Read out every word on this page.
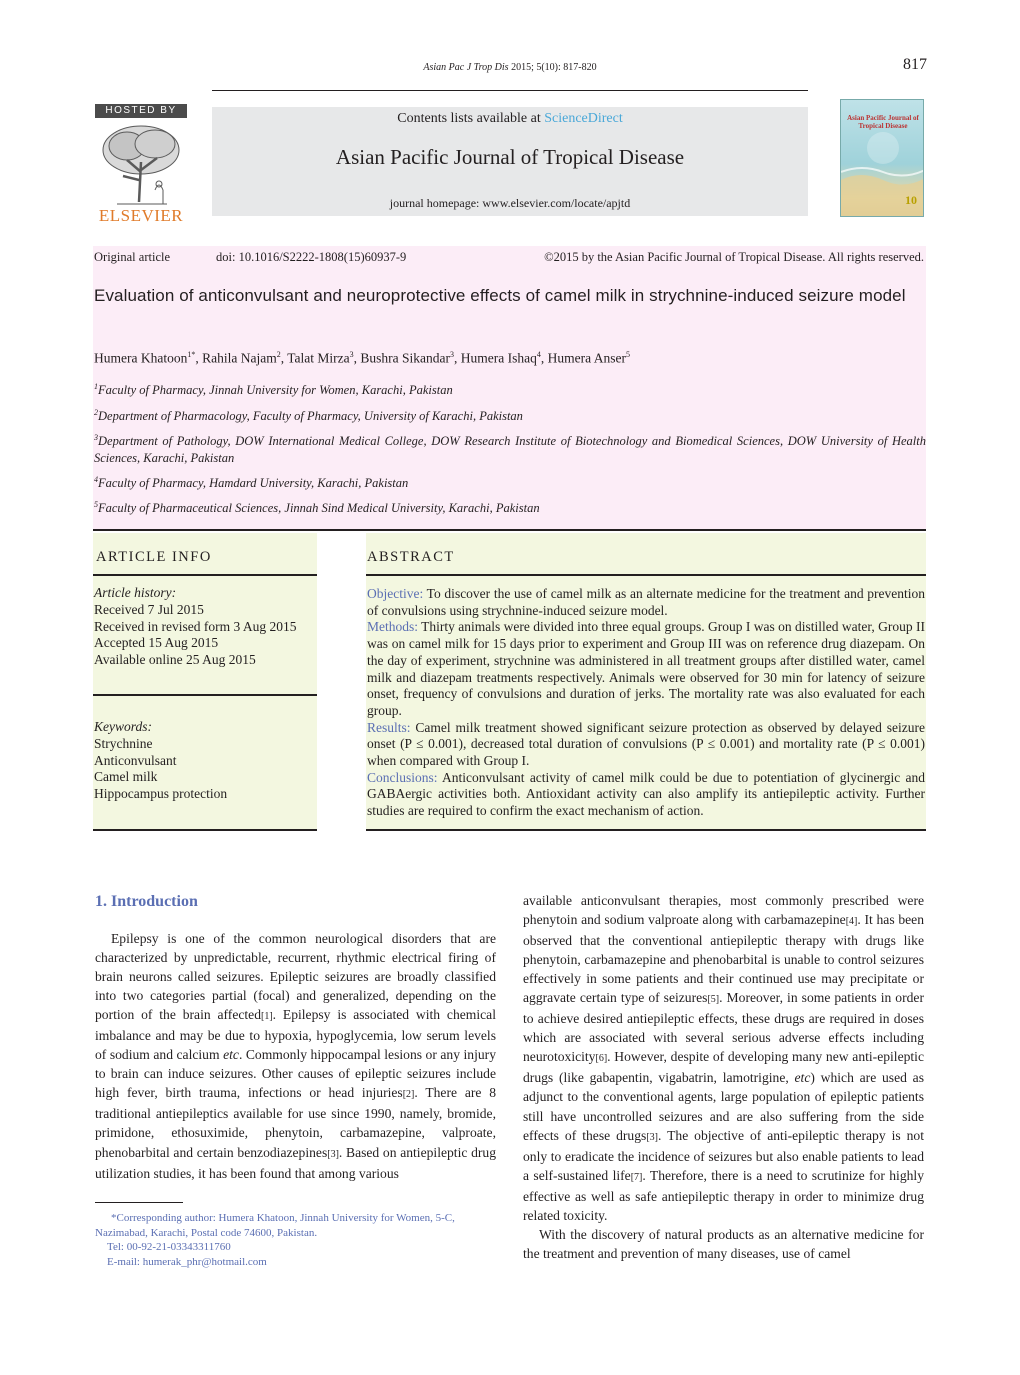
Asian Pac J Trop Dis 2015; 5(10): 817-820	817
HOSTED BY
ELSEVIER
Contents lists available at ScienceDirect
Asian Pacific Journal of Tropical Disease
journal homepage: www.elsevier.com/locate/apjtd
Asian Pacific Journal of Tropical Disease
10
Original article	doi: 10.1016/S2222-1808(15)60937-9	©2015 by the Asian Pacific Journal of Tropical Disease. All rights reserved.
Evaluation of anticonvulsant and neuroprotective effects of camel milk in strychnine-induced seizure model
Humera Khatoon$^{1*}$, Rahila Najam$^2$, Talat Mirza$^3$, Bushra Sikandar$^3$, Humera Ishaq$^4$, Humera Anser$^5$
$^1$Faculty of Pharmacy, Jinnah University for Women, Karachi, Pakistan
$^2$Department of Pharmacology, Faculty of Pharmacy, University of Karachi, Pakistan
$^3$Department of Pathology, DOW International Medical College, DOW Research Institute of Biotechnology and Biomedical Sciences, DOW University of Health Sciences, Karachi, Pakistan
$^4$Faculty of Pharmacy, Hamdard University, Karachi, Pakistan
$^5$Faculty of Pharmaceutical Sciences, Jinnah Sind Medical University, Karachi, Pakistan
ARTICLE INFO
Article history:
Received 7 Jul 2015
Received in revised form 3 Aug 2015
Accepted 15 Aug 2015
Available online 25 Aug 2015
Keywords:
Strychnine
Anticonvulsant
Camel milk
Hippocampus protection
ABSTRACT
Objective: To discover the use of camel milk as an alternate medicine for the treatment and prevention of convulsions using strychnine-induced seizure model.
Methods: Thirty animals were divided into three equal groups. Group I was on distilled water, Group II was on camel milk for 15 days prior to experiment and Group III was on reference drug diazepam. On the day of experiment, strychnine was administered in all treatment groups after distilled water, camel milk and diazepam treatments respectively. Animals were observed for 30 min for latency of seizure onset, frequency of convulsions and duration of jerks. The mortality rate was also evaluated for each group.
Results: Camel milk treatment showed significant seizure protection as observed by delayed seizure onset (P ≤ 0.001), decreased total duration of convulsions (P ≤ 0.001) and mortality rate (P ≤ 0.001) when compared with Group I.
Conclusions: Anticonvulsant activity of camel milk could be due to potentiation of glycinergic and GABAergic activities both. Antioxidant activity can also amplify its antiepileptic activity. Further studies are required to confirm the exact mechanism of action.
1. Introduction

Epilepsy is one of the common neurological disorders that are characterized by unpredictable, recurrent, rhythmic electrical firing of brain neurons called seizures. Epileptic seizures are broadly classified into two categories partial (focal) and generalized, depending on the portion of the brain affected[1]. Epilepsy is associated with chemical imbalance and may be due to hypoxia, hypoglycemia, low serum levels of sodium and calcium etc. Commonly hippocampal lesions or any injury to brain can induce seizures. Other causes of epileptic seizures include high fever, birth trauma, infections or head injuries[2]. There are 8 traditional antiepileptics available for use since 1990, namely, bromide, primidone, ethosuximide, phenytoin, carbamazepine, valproate, phenobarbital and certain benzodiazepines[3]. Based on antiepileptic drug utilization studies, it has been found that among various

available anticonvulsant therapies, most commonly prescribed were phenytoin and sodium valproate along with carbamazepine[4]. It has been observed that the conventional antiepileptic therapy with drugs like phenytoin, carbamazepine and phenobarbital is unable to control seizures effectively in some patients and their continued use may precipitate or aggravate certain type of seizures[5]. Moreover, in some patients in order to achieve desired antiepileptic effects, these drugs are required in doses which are associated with several serious adverse effects including neurotoxicity[6]. However, despite of developing many new anti-epileptic drugs (like gabapentin, vigabatrin, lamotrigine, etc) which are used as adjunct to the conventional agents, large population of epileptic patients still have uncontrolled seizures and are also suffering from the side effects of these drugs[3]. The objective of anti-epileptic therapy is not only to eradicate the incidence of seizures but also enable patients to lead a self-sustained life[7]. Therefore, there is a need to scrutinize for highly effective as well as safe antiepileptic therapy in order to minimize drug related toxicity.

With the discovery of natural products as an alternative medicine for the treatment and prevention of many diseases, use of camel

*Corresponding author: Humera Khatoon, Jinnah University for Women, 5-C, Nazimabad, Karachi, Postal code 74600, Pakistan.
Tel: 00-92-21-03343311760
E-mail: humerak_phr@hotmail.com
